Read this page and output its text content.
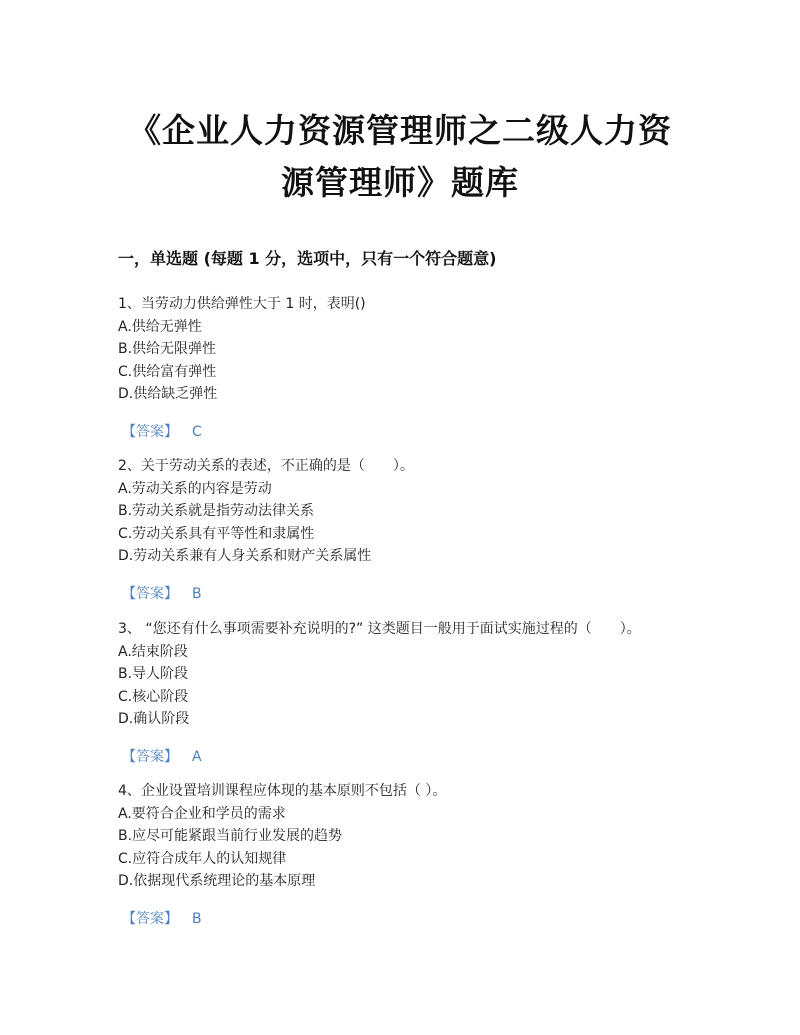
《企业人力资源管理师之二级人力资
源管理师》题库
一，单选题 (每题 1 分，选项中，只有一个符合题意)
1、当劳动力供给弹性大于 1 时，表明()
A.供给无弹性
B.供给无限弹性
C.供给富有弹性
D.供给缺乏弹性
【答案】 C
2、关于劳动关系的表述，不正确的是（　　）。
A.劳动关系的内容是劳动
B.劳动关系就是指劳动法律关系
C.劳动关系具有平等性和隶属性
D.劳动关系兼有人身关系和财产关系属性
【答案】 B
3、 “您还有什么事项需要补充说明的?” 这类题目一般用于面试实施过程的（　　）。
A.结束阶段
B.导人阶段
C.核心阶段
D.确认阶段
【答案】 A
4、企业设置培训课程应体现的基本原则不包括（ ）。
A.要符合企业和学员的需求
B.应尽可能紧跟当前行业发展的趋势
C.应符合成年人的认知规律
D.依据现代系统理论的基本原理
【答案】 B
